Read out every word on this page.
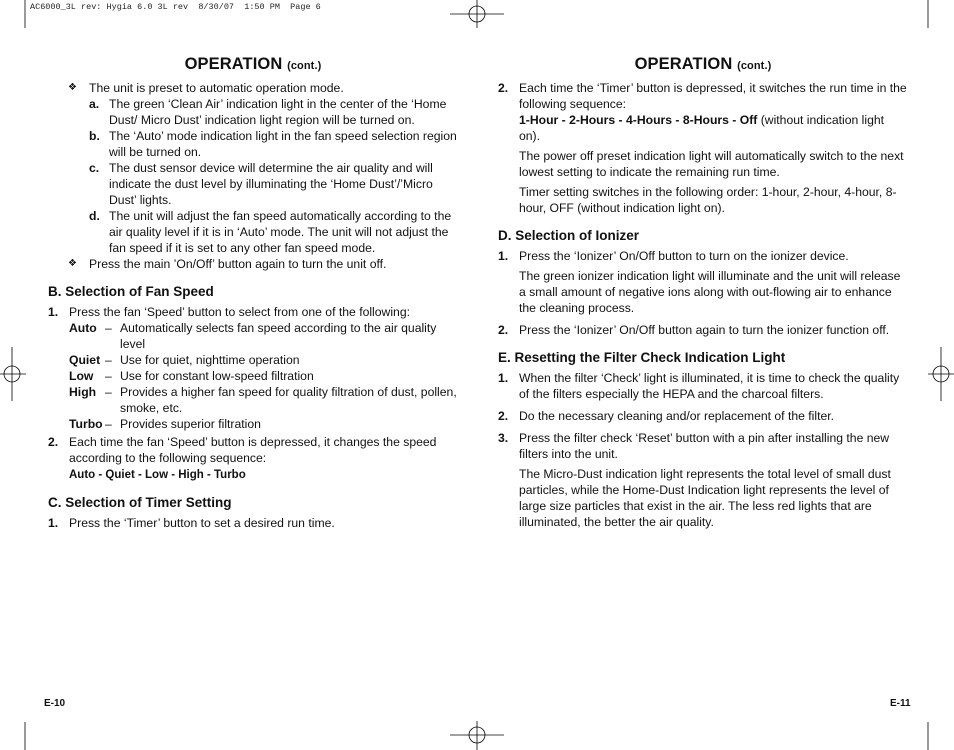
AC6000_3L rev: Hygia 6.0 3L rev  8/30/07  1:50 PM  Page 6
OPERATION (cont.)
❖ The unit is preset to automatic operation mode.
a. The green ‘Clean Air’ indication light in the center of the ‘Home Dust/ Micro Dust’ indication light region will be turned on.
b. The ‘Auto’ mode indication light in the fan speed selection region will be turned on.
c. The dust sensor device will determine the air quality and will indicate the dust level by illuminating the ‘Home Dust’/’Micro Dust’ lights.
d. The unit will adjust the fan speed automatically according to the air quality level if it is in ‘Auto’ mode. The unit will not adjust the fan speed if it is set to any other fan speed mode.
❖ Press the main ’On/Off’ button again to turn the unit off.
B. Selection of Fan Speed
1. Press the fan ‘Speed’ button to select from one of the following:
Auto – Automatically selects fan speed according to the air quality level
Quiet – Use for quiet, nighttime operation
Low – Use for constant low-speed filtration
High – Provides a higher fan speed for quality filtration of dust, pollen, smoke, etc.
Turbo – Provides superior filtration
2. Each time the fan ‘Speed’ button is depressed, it changes the speed according to the following sequence:
Auto - Quiet - Low - High - Turbo
C. Selection of Timer Setting
1. Press the ‘Timer’ button to set a desired run time.
E-10
OPERATION (cont.)
2. Each time the ‘Timer’ button is depressed, it switches the run time in the following sequence:
1-Hour - 2-Hours - 4-Hours - 8-Hours - Off (without indication light on).
The power off preset indication light will automatically switch to the next lowest setting to indicate the remaining run time.
Timer setting switches in the following order: 1-hour, 2-hour, 4-hour, 8-hour, OFF (without indication light on).
D. Selection of Ionizer
1. Press the ‘Ionizer’ On/Off button to turn on the ionizer device.
The green ionizer indication light will illuminate and the unit will release a small amount of negative ions along with out-flowing air to enhance the cleaning process.
2. Press the ‘Ionizer’ On/Off button again to turn the ionizer function off.
E. Resetting the Filter Check Indication Light
1. When the filter ‘Check’ light is illuminated, it is time to check the quality of the filters especially the HEPA and the charcoal filters.
2. Do the necessary cleaning and/or replacement of the filter.
3. Press the filter check ‘Reset’ button with a pin after installing the new filters into the unit.
The Micro-Dust indication light represents the total level of small dust particles, while the Home-Dust Indication light represents the level of large size particles that exist in the air. The less red lights that are illuminated, the better the air quality.
E-11
